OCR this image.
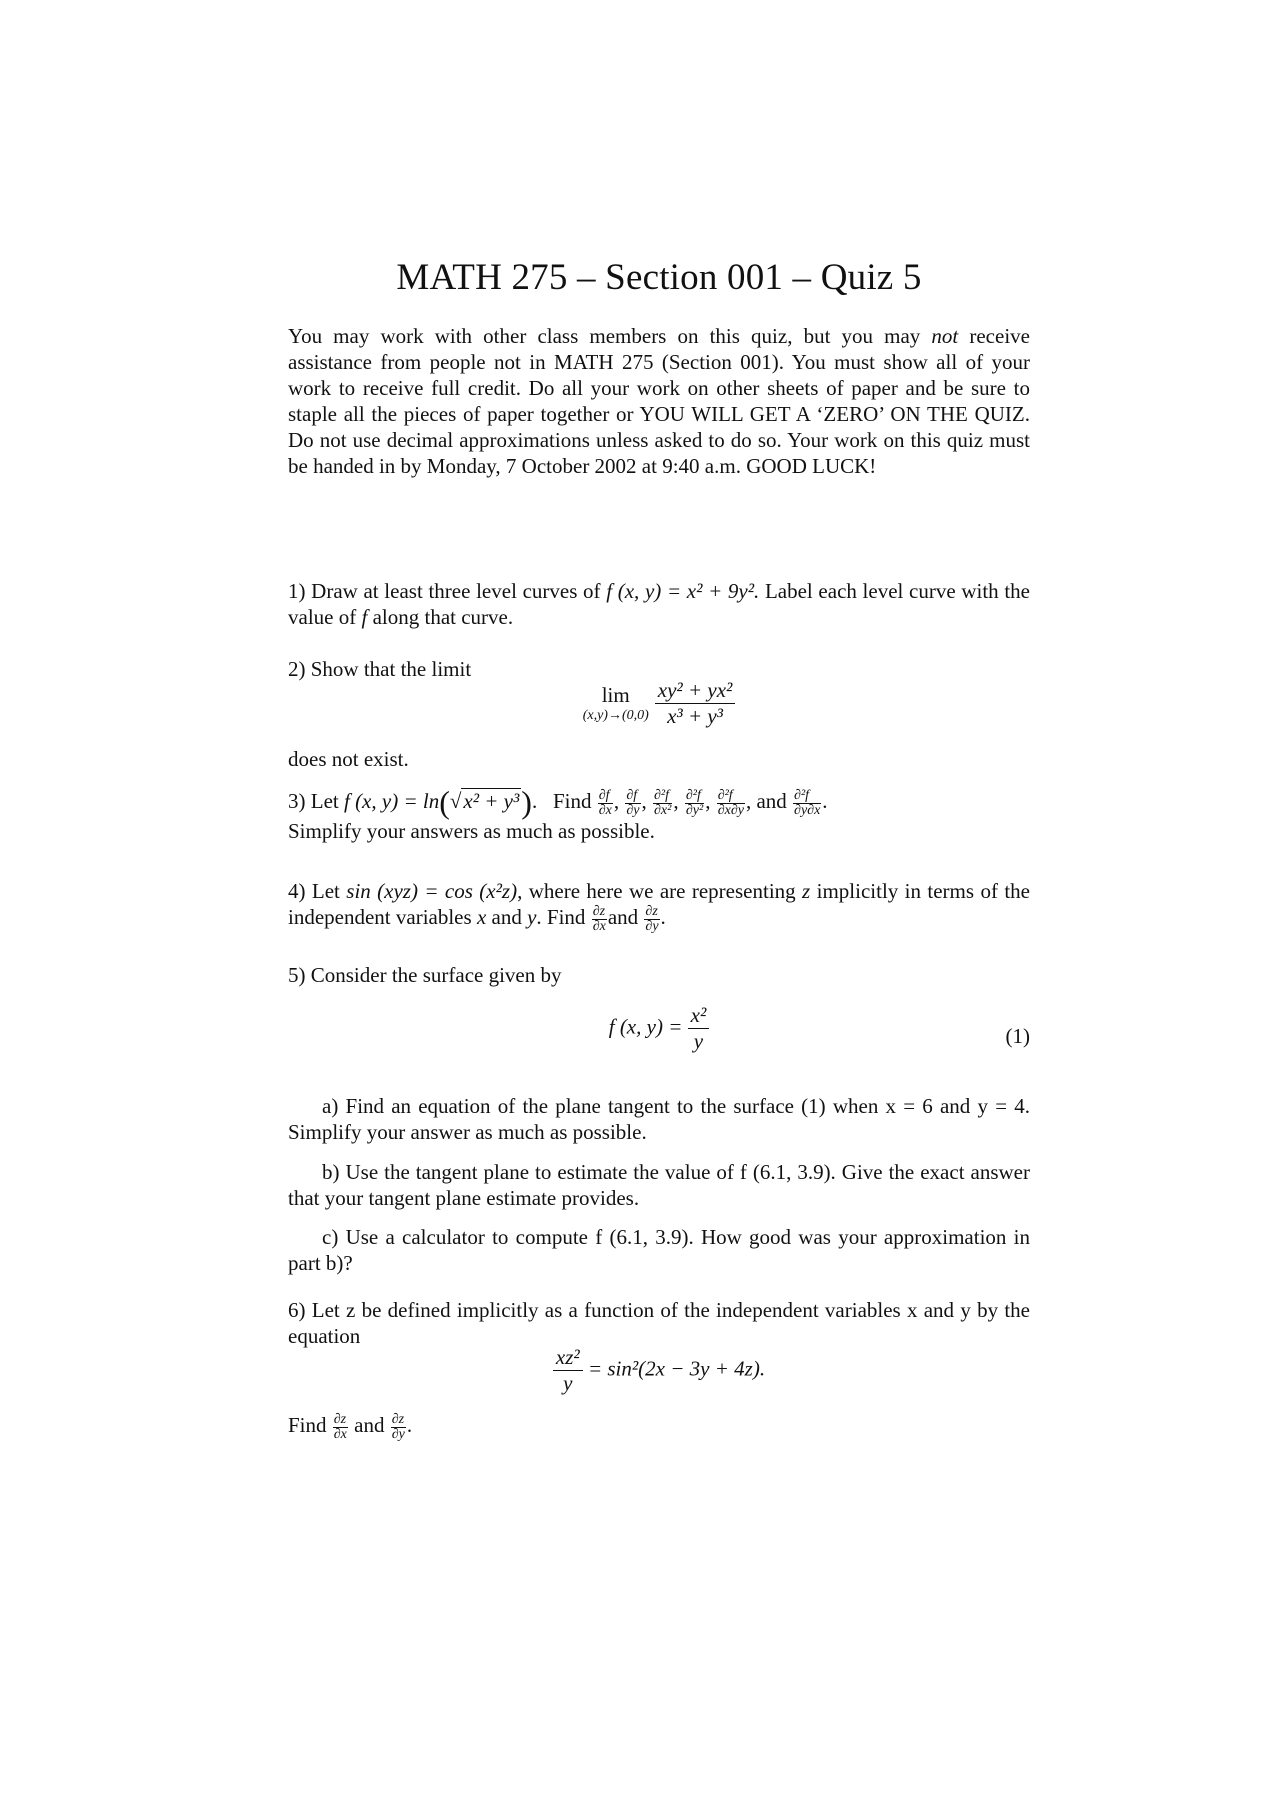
MATH 275 – Section 001 – Quiz 5
You may work with other class members on this quiz, but you may not receive assistance from people not in MATH 275 (Section 001). You must show all of your work to receive full credit. Do all your work on other sheets of paper and be sure to staple all the pieces of paper together or YOU WILL GET A ‘ZERO’ ON THE QUIZ. Do not use decimal approximations unless asked to do so. Your work on this quiz must be handed in by Monday, 7 October 2002 at 9:40 a.m. GOOD LUCK!
1) Draw at least three level curves of f (x, y) = x² + 9y². Label each level curve with the value of f along that curve.
2) Show that the limit
lim
$(x,y)\to(0,0) \frac{\text{xy² + yx²}}{\text{x³ + y³}}$
does not exist.
3) Let f (x, y) = ln(√x² + y³).   Find $\frac{\partial f}{\partial x}$ , $\frac{\partial f}{\partial y}$ , $\frac{\text{∂²f}}{\text{∂x²}}$ , $\frac{\text{∂²f}}{\text{∂y²}}$ , $\frac{\text{∂²f}}{\partial x\partial y}$ , and $\frac{\text{∂²f}}{\partial y\partial x}$ .
Simplify your answers as much as possible.
4) Let sin (xyz) = cos (x²z), where here we are representing z implicitly in terms of the independent variables x and y. Find $\frac{\partial z}{\partial x}$ and $\frac{\partial z}{\partial y}$ .
5) Consider the surface given by
f (x, $y) = \frac{\text{x²}}{y}$	(1)
a) Find an equation of the plane tangent to the surface (1) when x = 6 and y = 4. Simplify your answer as much as possible.
b) Use the tangent plane to estimate the value of f (6.1, 3.9). Give the exact answer that your tangent plane estimate provides.
c) Use a calculator to compute f (6.1, 3.9). How good was your approximation in part b)?
6) Let z be defined implicitly as a function of the independent variables x and y by the equation
$\frac{\text{xz²}}{y} = \sin^2(2x - 3y + 4z)$.
Find $\frac{\partial z}{\partial x}$ and $\frac{\partial z}{\partial y}$ .
